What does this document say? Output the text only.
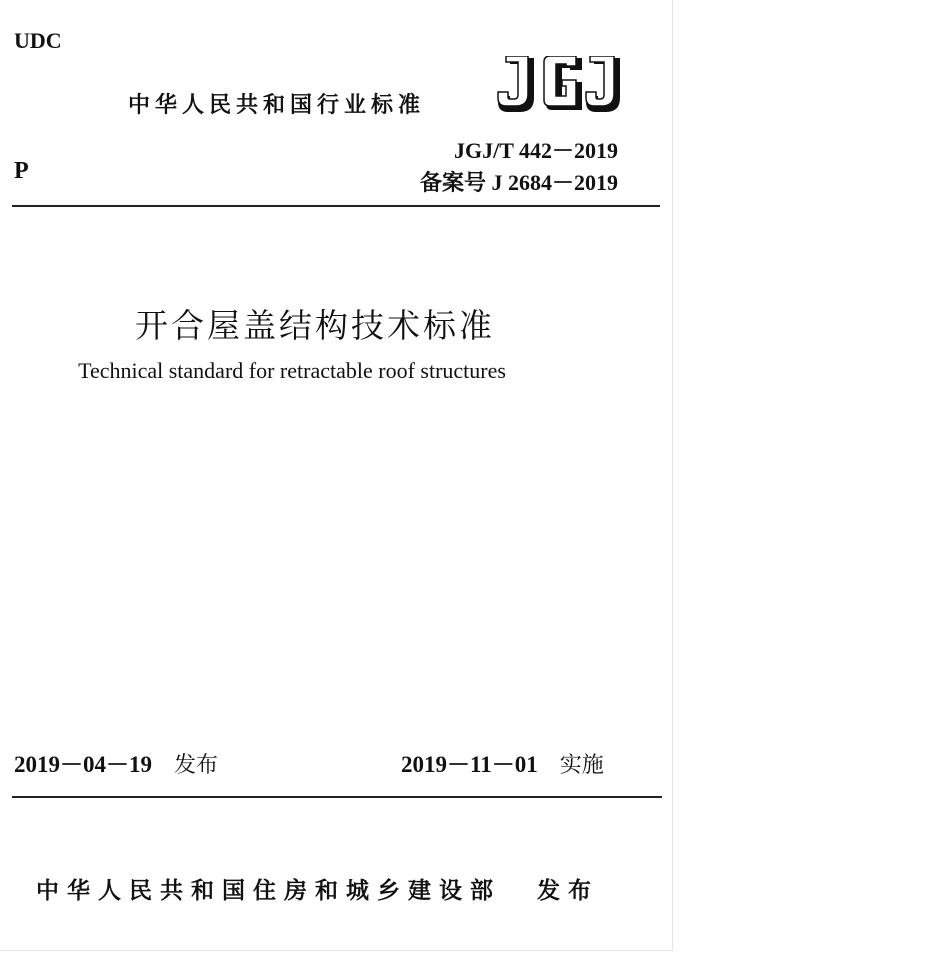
UDC
中华人民共和国行业标准
JGJ/T 442－2019
备案号 J 2684－2019
P
开合屋盖结构技术标准
Technical standard for retractable roof structures
2019－04－19 发布	2019－11－01 实施
中华人民共和国住房和城乡建设部 发布
